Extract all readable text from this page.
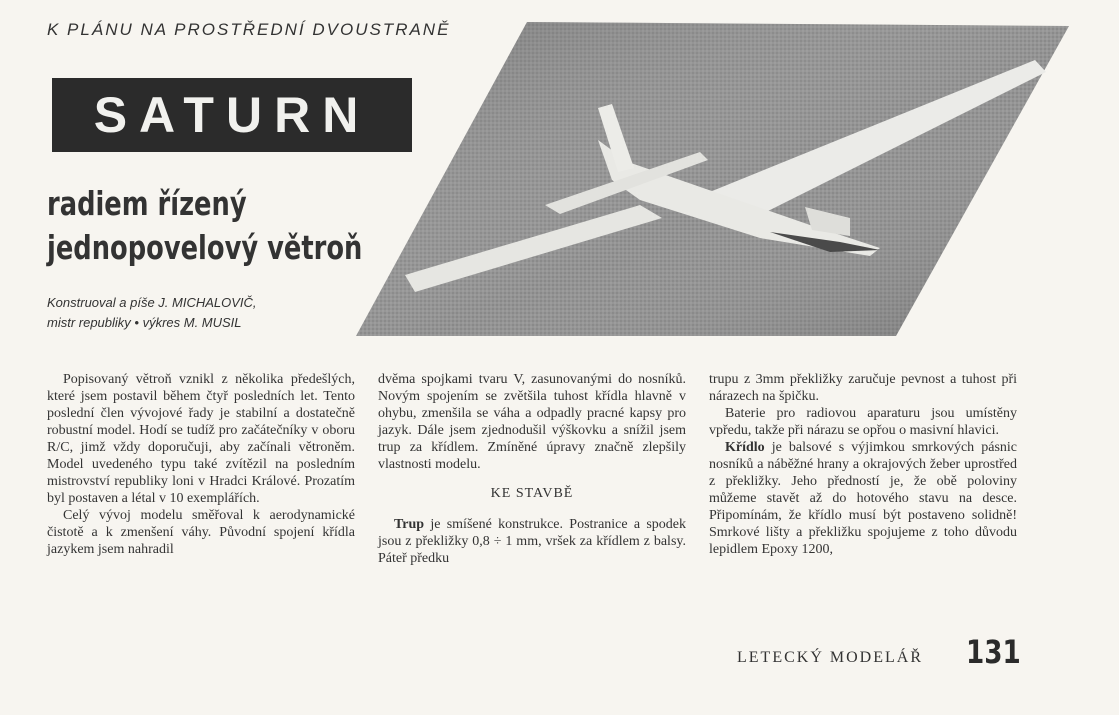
K PLÁNU NA PROSTŘEDNÍ DVOUSTRANĚ
SATURN
radiem řízený
jednopovelový větroň
Konstruoval a píše J. MICHALOVIČ,
mistr republiky • výkres M. MUSIL

Popisovaný větroň vznikl z několika předešlých, které jsem postavil během čtyř posledních let. Tento poslední člen vývojové řady je stabilní a dostatečně robustní model. Hodí se tudíž pro začátečníky v oboru R/C, jimž vždy doporučuji, aby začínali větroněm. Model uvedeného typu také zvítězil na posledním mistrovství republiky loni v Hradci Králové. Prozatím byl postaven a létal v 10 exemplářích.

Celý vývoj modelu směřoval k aerodynamické čistotě a k zmenšení váhy. Původní spojení křídla jazykem jsem nahradil

dvěma spojkami tvaru V, zasunovanými do nosníků. Novým spojením se zvětšila tuhost křídla hlavně v ohybu, zmenšila se váha a odpadly pracné kapsy pro jazyk. Dále jsem zjednodušil výškovku a snížil jsem trup za křídlem. Zmíněné úpravy značně zlepšily vlastnosti modelu.

KE STAVBĚ

Trup je smíšené konstrukce. Postranice a spodek jsou z překližky 0,8 ÷ 1 mm, vršek za křídlem z balsy. Páteř předku

trupu z 3mm překližky zaručuje pevnost a tuhost při nárazech na špičku.

Baterie pro radiovou aparaturu jsou umístěny vpředu, takže při nárazu se opřou o masivní hlavici.

Křídlo je balsové s výjimkou smrkových pásnic nosníků a náběžné hrany a okrajových žeber uprostřed z překližky. Jeho předností je, že obě poloviny můžeme stavět až do hotového stavu na desce. Připomínám, že křídlo musí být postaveno solidně! Smrkové lišty a překližku spojujeme z toho důvodu lepidlem Epoxy 1200,

LETECKÝ MODELÁŘ 131
